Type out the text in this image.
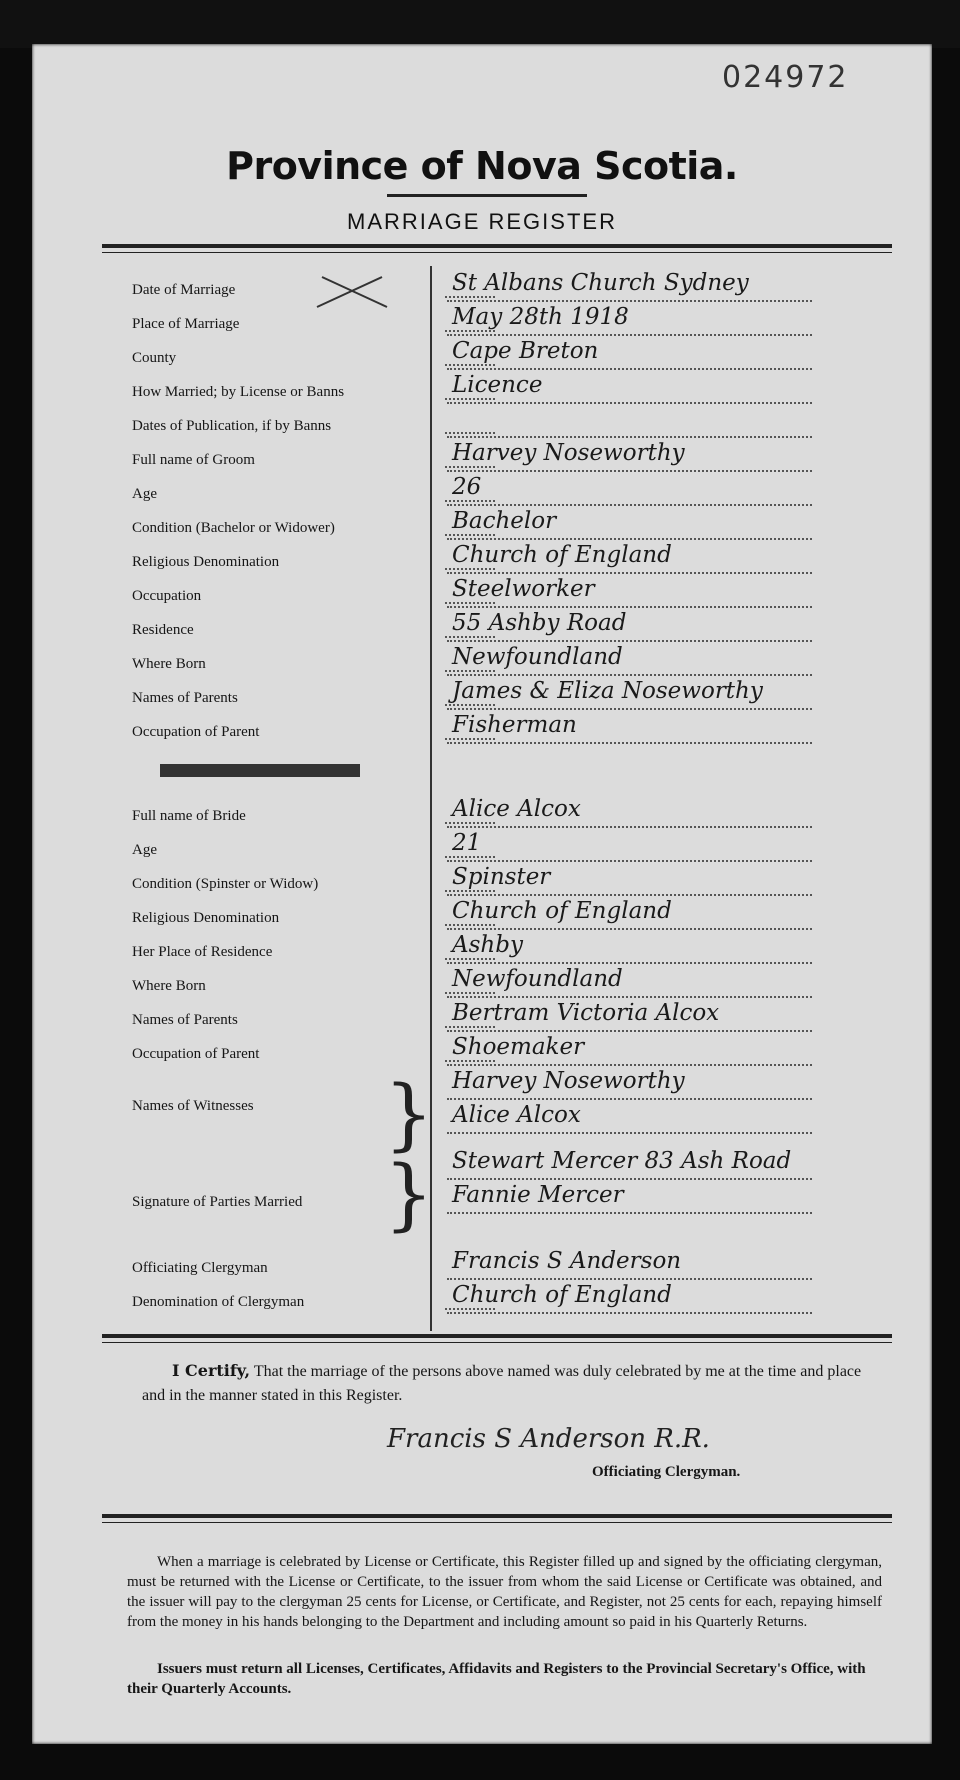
024972
Province of Nova Scotia.
MARRIAGE REGISTER
Date of Marriage	St Albans Church Sydney
Place of Marriage	May 28th 1918
County	Cape Breton
How Married; by License or Banns	Licence
Dates of Publication, if by Banns
Full name of Groom	Harvey Noseworthy
Age	26
Condition (Bachelor or Widower)	Bachelor
Religious Denomination	Church of England
Occupation	Steelworker
Residence	55 Ashby Road
Where Born	Newfoundland
Names of Parents	James & Eliza Noseworthy
Occupation of Parent	Fisherman
Full name of Bride	Alice Alcox
Age	21
Condition (Spinster or Widow)	Spinster
Religious Denomination	Church of England
Her Place of Residence	Ashby
Where Born	Newfoundland
Names of Parents	Bertram Victoria Alcox
Occupation of Parent	Shoemaker
Names of Witnesses } Harvey Noseworthy
Alice Alcox
Signature of Parties Married } Stewart Mercer 83 Ash Road
Fannie Mercer
Officiating Clergyman	Francis S Anderson
Denomination of Clergyman	Church of England
I Certify, That the marriage of the persons above named was duly celebrated by me at the time and place and in the manner stated in this Register.
Francis S Anderson R.R.
Officiating Clergyman.
When a marriage is celebrated by License or Certificate, this Register filled up and signed by the officiating clergyman, must be returned with the License or Certificate, to the issuer from whom the said License or Certificate was obtained, and the issuer will pay to the clergyman 25 cents for License, or Certificate, and Register, not 25 cents for each, repaying himself from the money in his hands belonging to the Department and including amount so paid in his Quarterly Returns.
Issuers must return all Licenses, Certificates, Affidavits and Registers to the Provincial Secretary's Office, with their Quarterly Accounts.
